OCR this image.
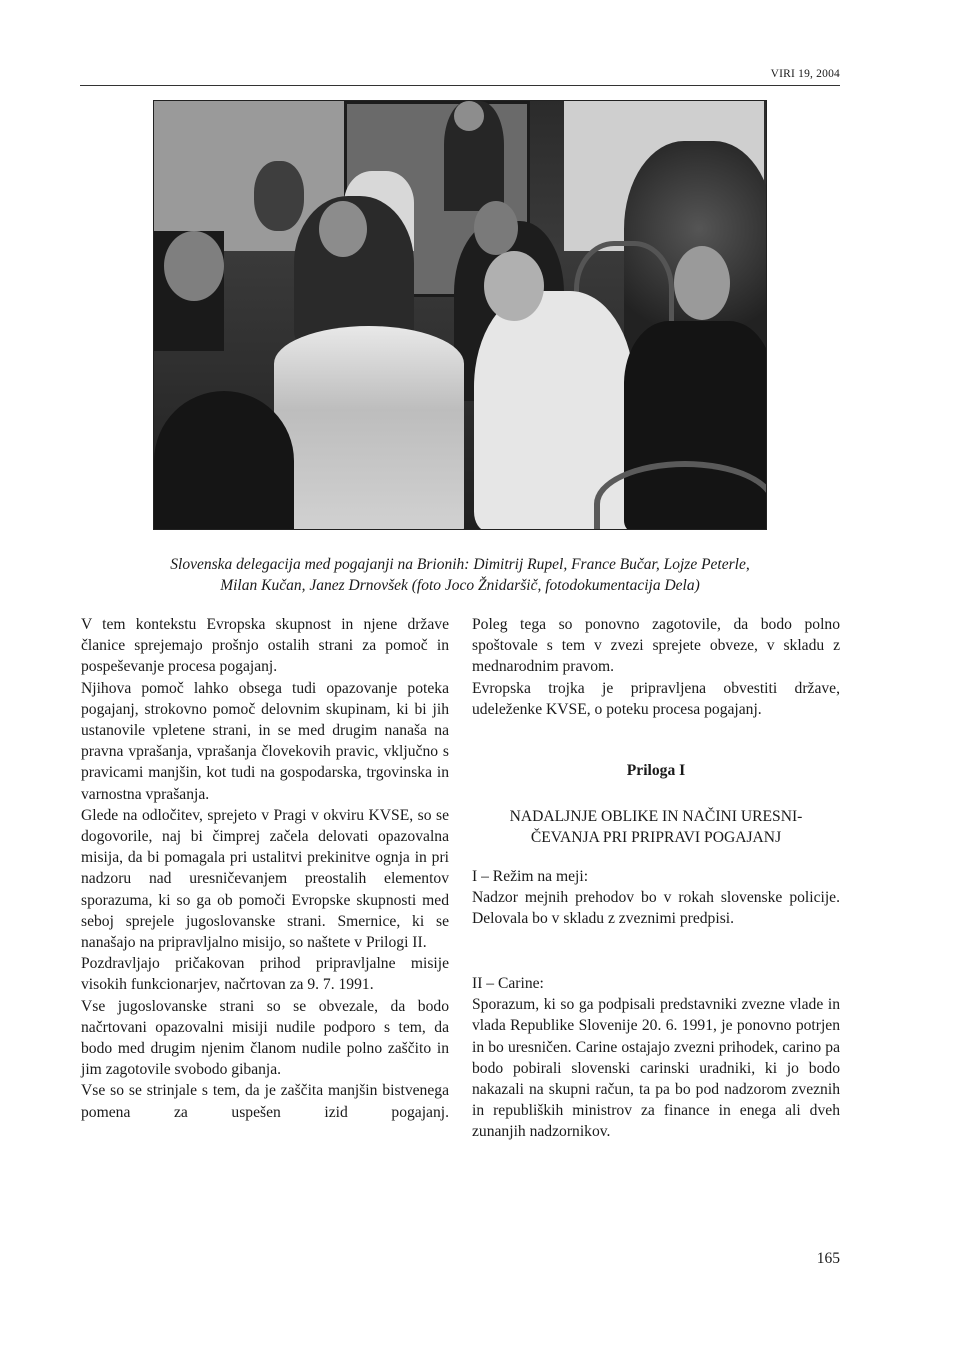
VIRI 19, 2004
Slovenska delegacija med pogajanji na Brionih: Dimitrij Rupel, France Bučar, Lojze Peterle,
Milan Kučan, Janez Drnovšek (foto Joco Žnidaršič, fotodokumentacija Dela)

V tem kontekstu Evropska skupnost in njene države članice sprejemajo prošnjo ostalih strani za pomoč in pospeševanje procesa pogajanj.

Njihova pomoč lahko obsega tudi opazovanje poteka pogajanj, strokovno pomoč delovnim skupinam, ki bi jih ustanovile vpletene strani, in se med drugim nanaša na pravna vprašanja, vprašanja človekovih pravic, vključno s pravicami manjšin, kot tudi na gospodarska, trgovinska in varnostna vprašanja.

Glede na odločitev, sprejeto v Pragi v okviru KVSE, so se dogovorile, naj bi čimprej začela delovati opazovalna misija, da bi pomagala pri ustalitvi prekinitve ognja in pri nadzoru nad uresničevanjem preostalih elementov sporazuma, ki so ga ob pomoči Evropske skupnosti med seboj sprejele jugoslovanske strani. Smernice, ki se nanašajo na pripravljalno misijo, so naštete v Prilogi II.

Pozdravljajo pričakovan prihod pripravljalne misije visokih funkcionarjev, načrtovan za 9. 7. 1991.

Vse jugoslovanske strani so se obvezale, da bodo načrtovani opazovalni misiji nudile podporo s tem, da bodo med drugim njenim članom nudile polno zaščito in jim zagotovile svobodo gibanja.

Vse so se strinjale s tem, da je zaščita manjšin bistvenega pomena za uspešen izid pogajanj.

Poleg tega so ponovno zagotovile, da bodo polno spoštovale s tem v zvezi sprejete obveze, v skladu z mednarodnim pravom.

Evropska trojka je pripravljena obvestiti države, udeleženke KVSE, o poteku procesa pogajanj.

Priloga I
NADALJNJE OBLIKE IN NAČINI URESNI-
ČEVANJA PRI PRIPRAVI POGAJANJ
I – Režim na meji:

Nadzor mejnih prehodov bo v rokah slovenske policije. Delovala bo v skladu z zveznimi predpisi.

II – Carine:

Sporazum, ki so ga podpisali predstavniki zvezne vlade in vlada Republike Slovenije 20. 6. 1991, je ponovno potrjen in bo uresničen. Carine ostajajo zvezni prihodek, carino pa bodo pobirali slovenski carinski uradniki, ki jo bodo nakazali na skupni račun, ta pa bo pod nadzorom zveznih in republiških ministrov za finance in enega ali dveh zunanjih nadzornikov.

165
